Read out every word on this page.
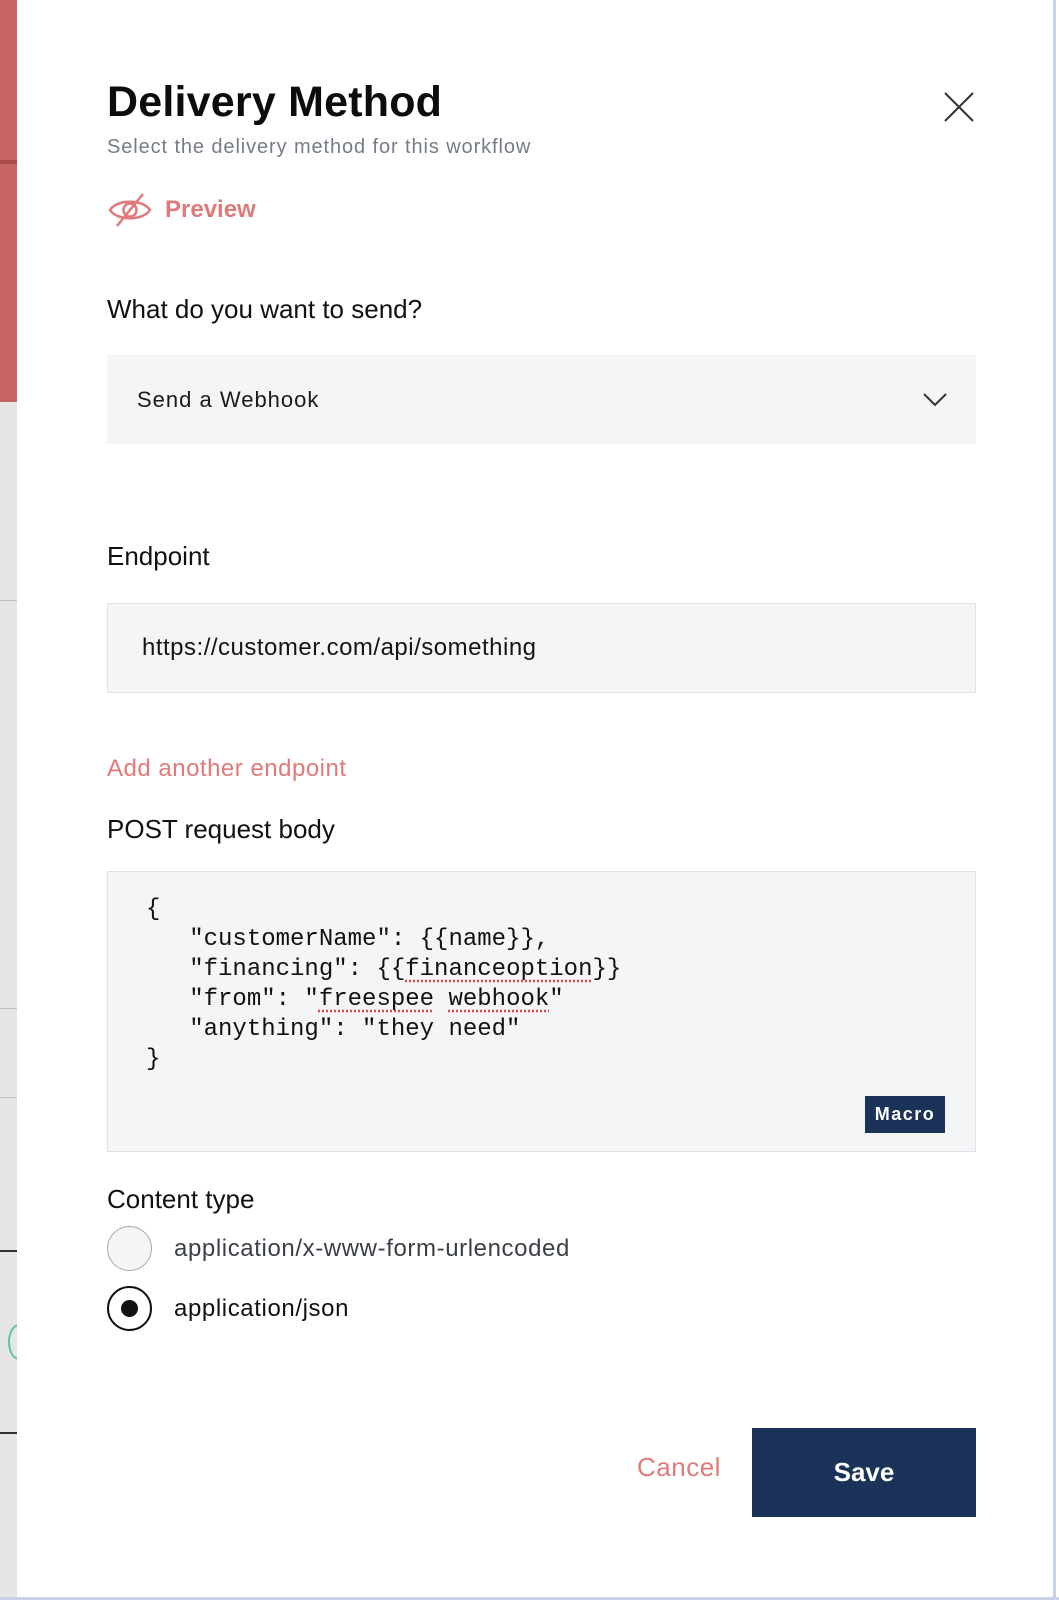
Delivery Method
Select the delivery method for this workflow
Preview
What do you want to send?
Send a Webhook
Endpoint
https://customer.com/api/something
Add another endpoint
POST request body
{
"customerName": {{name}},
"financing": {{financeoption}}
"from": "freespee webhook"
"anything": "they need"
}
Macro
Content type
application/x-www-form-urlencoded
application/json
Cancel	Save
